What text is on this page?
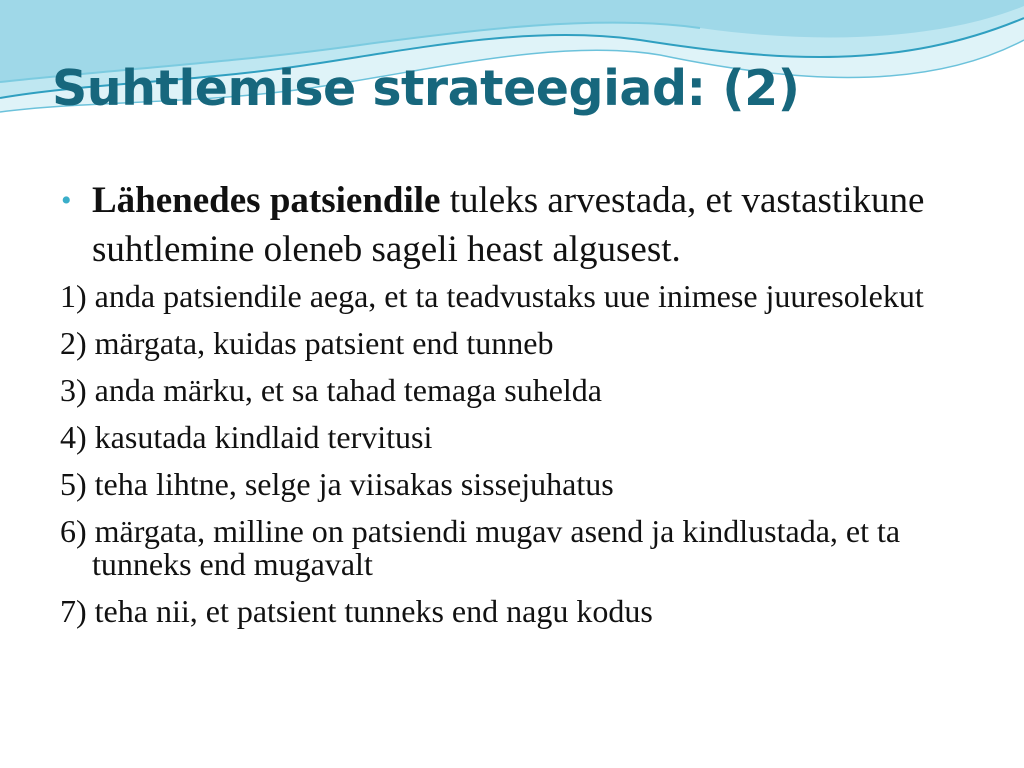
Suhtlemise strateegiad: (2)

• Lähenedes patsiendile tuleks arvestada, et vastastikune suhtlemine oleneb sageli heast algusest.

1) anda patsiendile aega, et ta teadvustaks uue inimese juuresolekut
2) märgata, kuidas patsient end tunneb
3) anda märku, et sa tahad temaga suhelda
4) kasutada kindlaid tervitusi
5) teha lihtne, selge ja viisakas sissejuhatus
6) märgata, milline on patsiendi mugav asend ja kindlustada, et ta tunneks end mugavalt
7) teha nii, et patsient tunneks end nagu kodus
